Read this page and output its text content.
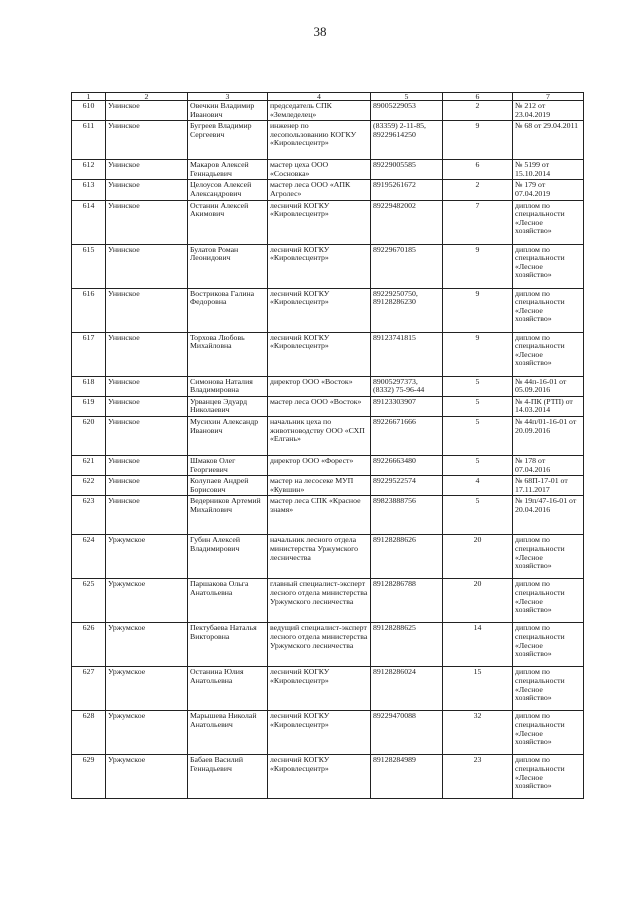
38
1	2	3	4	5	6	7
610	Унинское	Овечкин Владимир Иванович	председатель СПК «Земледелец»	89005229053	2	№ 212 от 23.04.2019
611	Унинское	Бугреев Владимир Сергеевич	инженер по лесопользованию КОГКУ «Кировлесцентр»	(83359) 2-11-85, 89229614250	9	№ 68 от 29.04.2011
612	Унинское	Макаров Алексей Геннадьевич	мастер цеха ООО «Сосновка»	89229005585	6	№ 5199 от 15.10.2014
613	Унинское	Целоусов Алексей Александрович	мастер леса ООО «АПК Агролес»	89195261672	2	№ 179 от 07.04.2019
614	Унинское	Останин Алексей Акимович	лесничий КОГКУ «Кировлесцентр»	89229482002	7	диплом по специальности «Лесное хозяйство»
615	Унинское	Булатов Роман Леонидович	лесничий КОГКУ «Кировлесцентр»	89229670185	9	диплом по специальности «Лесное хозяйство»
616	Унинское	Вострикова Галина Федоровна	лесничий КОГКУ «Кировлесцентр»	89229250750, 89128286230	9	диплом по специальности «Лесное хозяйство»
617	Унинское	Торхова Любовь Михайловна	лесничий КОГКУ «Кировлесцентр»	89123741815	9	диплом по специальности «Лесное хозяйство»
618	Унинское	Симонова Наталия Владимировна	директор ООО «Восток»	89005297373, (8332) 75-96-44	5	№ 44п-16-01 от 05.09.2016
619	Унинское	Урванцев Эдуард Николаевич	мастер леса ООО «Восток»	89123303907	5	№ 4-ПК (РТП) от 14.03.2014
620	Унинское	Мусихин Александр Иванович	начальник цеха по животноводству ООО «СХП «Елгань»	89226671666	5	№ 44п/01-16-01 от 20.09.2016
621	Унинское	Шмаков Олег Георгиевич	директор ООО «Форест»	89226663480	5	№ 178 от 07.04.2016
622	Унинское	Колупаев Андрей Борисович	мастер на лесосеке МУП «Кувшин»	89229522574	4	№ 68П-17-01 от 17.11.2017
623	Унинское	Ведерников Артемий Михайлович	мастер леса СПК «Красное знамя»	89823888756	5	№ 19п/47-16-01 от 20.04.2016
624	Уржумское	Губин Алексей Владимирович	начальник лесного отдела министерства Уржумского лесничества	89128288626	20	диплом по специальности «Лесное хозяйство»
625	Уржумское	Паршакова Ольга Анатольевна	главный специалист-эксперт лесного отдела министерства Уржумского лесничества	89128286788	20	диплом по специальности «Лесное хозяйство»
626	Уржумское	Пектубаева Наталья Викторовна	ведущий специалист-эксперт лесного отдела министерства Уржумского лесничества	89128288625	14	диплом по специальности «Лесное хозяйство»
627	Уржумское	Останина Юлия Анатольевна	лесничий КОГКУ «Кировлесцентр»	89128286024	15	диплом по специальности «Лесное хозяйство»
628	Уржумское	Марышева Николай Анатольевич	лесничий КОГКУ «Кировлесцентр»	89229470088	32	диплом по специальности «Лесное хозяйство»
629	Уржумское	Бабаев Василий Геннадьевич	лесничий КОГКУ «Кировлесцентр»	89128284989	23	диплом по специальности «Лесное хозяйство»
